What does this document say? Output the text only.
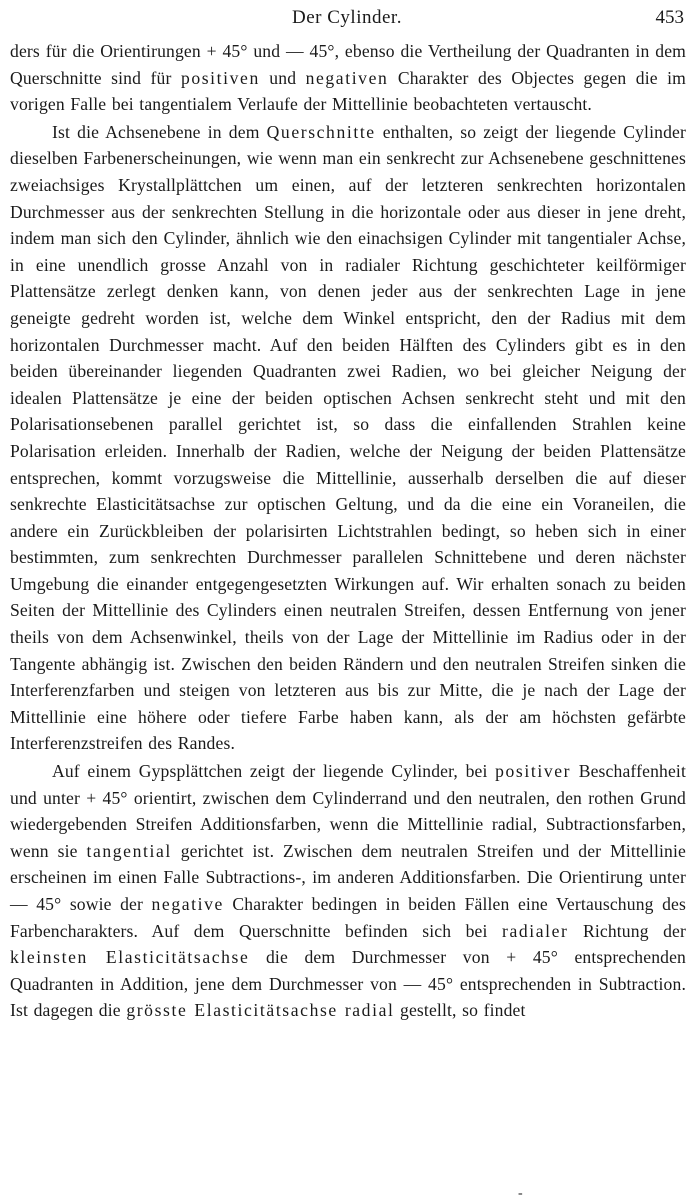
Der Cylinder.	453

ders für die Orientirungen + 45° und — 45°, ebenso die Vertheilung der Quadranten in dem Querschnitte sind für positiven und negativen Charakter des Objectes gegen die im vorigen Falle bei tangentialem Verlaufe der Mittellinie beobachteten vertauscht.

Ist die Achsenebene in dem Querschnitte enthalten, so zeigt der liegende Cylinder dieselben Farbenerscheinungen, wie wenn man ein senkrecht zur Achsenebene geschnittenes zweiachsiges Krystallplättchen um einen, auf der letzteren senkrechten horizontalen Durchmesser aus der senkrechten Stellung in die horizontale oder aus dieser in jene dreht, indem man sich den Cylinder, ähnlich wie den einachsigen Cylinder mit tangentialer Achse, in eine unendlich grosse Anzahl von in radialer Richtung geschichteter keilförmiger Plattensätze zerlegt denken kann, von denen jeder aus der senkrechten Lage in jene geneigte gedreht worden ist, welche dem Winkel entspricht, den der Radius mit dem horizontalen Durchmesser macht. Auf den beiden Hälften des Cylinders gibt es in den beiden übereinander liegenden Quadranten zwei Radien, wo bei gleicher Neigung der idealen Plattensätze je eine der beiden optischen Achsen senkrecht steht und mit den Polarisationsebenen parallel gerichtet ist, so dass die einfallenden Strahlen keine Polarisation erleiden. Innerhalb der Radien, welche der Neigung der beiden Plattensätze entsprechen, kommt vorzugsweise die Mittellinie, ausserhalb derselben die auf dieser senkrechte Elasticitätsachse zur optischen Geltung, und da die eine ein Voraneilen, die andere ein Zurückbleiben der polarisirten Lichtstrahlen bedingt, so heben sich in einer bestimmten, zum senkrechten Durchmesser parallelen Schnittebene und deren nächster Umgebung die einander entgegengesetzten Wirkungen auf. Wir erhalten sonach zu beiden Seiten der Mittellinie des Cylinders einen neutralen Streifen, dessen Entfernung von jener theils von dem Achsenwinkel, theils von der Lage der Mittellinie im Radius oder in der Tangente abhängig ist. Zwischen den beiden Rändern und den neutralen Streifen sinken die Interferenzfarben und steigen von letzteren aus bis zur Mitte, die je nach der Lage der Mittellinie eine höhere oder tiefere Farbe haben kann, als der am höchsten gefärbte Interferenzstreifen des Randes.

Auf einem Gypsplättchen zeigt der liegende Cylinder, bei positiver Beschaffenheit und unter + 45° orientirt, zwischen dem Cylinderrand und den neutralen, den rothen Grund wiedergebenden Streifen Additionsfarben, wenn die Mittellinie radial, Subtractionsfarben, wenn sie tangential gerichtet ist. Zwischen dem neutralen Streifen und der Mittellinie erscheinen im einen Falle Subtractions-, im anderen Additionsfarben. Die Orientirung unter — 45° sowie der negative Charakter bedingen in beiden Fällen eine Vertauschung des Farbencharakters. Auf dem Querschnitte befinden sich bei radialer Richtung der kleinsten Elasticitätsachse die dem Durchmesser von + 45° entsprechenden Quadranten in Addition, jene dem Durchmesser von — 45° entsprechenden in Subtraction. Ist dagegen die grösste Elasticitätsachse radial gestellt, so findet

-
